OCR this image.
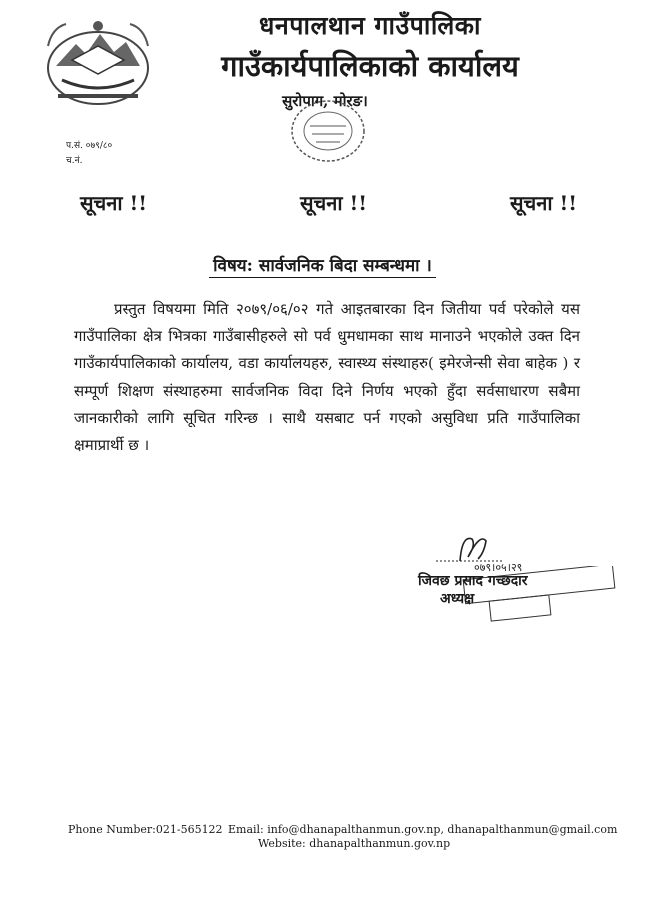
धनपालथान गाउँपालिका
गाउँकार्यपालिकाको कार्यालय
सुरोपाग, मोरङ।
प.सं. ०७९/८०
च.नं.
सूचना !!	सूचना !!	सूचना !!
विषय: सार्वजनिक बिदा सम्बन्धमा ।
प्रस्तुत विषयमा मिति २०७९/०६/०२ गते आइतबारका दिन जितीया पर्व परेकोले यस गाउँपालिका क्षेत्र भित्रका गाउँबासीहरुले सो पर्व धुमधामका साथ मानाउने भएकोले उक्त दिन गाउँकार्यपालिकाको कार्यालय, वडा कार्यालयहरु, स्वास्थ्य संस्थाहरु( इमेरजेन्सी सेवा बाहेक ) र सम्पूर्ण शिक्षण संस्थाहरुमा सार्वजनिक विदा दिने निर्णय भएको हुँदा सर्वसाधारण सबैमा जानकारीको लागि सूचित गरिन्छ । साथै यसबाट पर्न गएको असुविधा प्रति गाउँपालिका क्षमाप्रार्थी छ ।
०७९।०५।२९
जिवछ प्रसाद गच्छदार
अध्यक्ष
Phone Number:021-565122 Email: info@dhanapalthanmun.gov.np, dhanapalthanmun@gmail.com
Website: dhanapalthanmun.gov.np
